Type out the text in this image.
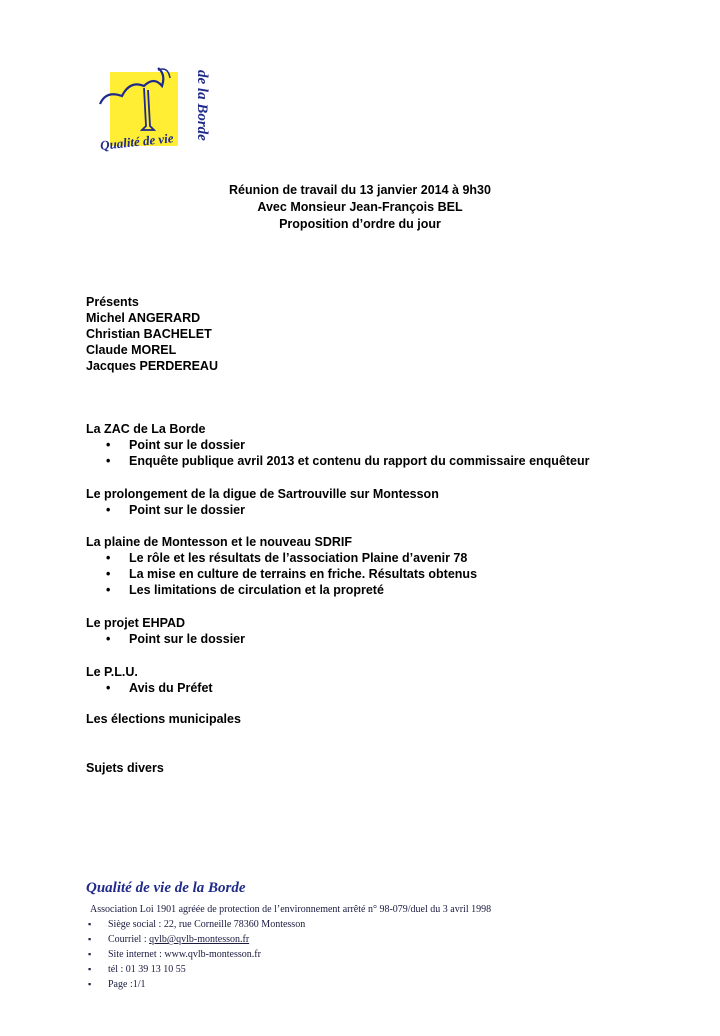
Qualité de vie
de la Borde
Réunion de travail du 13 janvier 2014 à 9h30
Avec Monsieur Jean-François BEL
Proposition d’ordre du jour
Présents
Michel ANGERARD
Christian BACHELET
Claude MOREL
Jacques PERDEREAU
La ZAC de La Borde
• Point sur le dossier
• Enquête publique avril 2013 et contenu du rapport du commissaire enquêteur
Le prolongement de la digue de Sartrouville sur Montesson
• Point sur le dossier
La plaine de Montesson et le nouveau SDRIF
• Le rôle et les résultats de l’association Plaine d’avenir 78
• La mise en culture de terrains en friche. Résultats obtenus
• Les limitations de circulation et la propreté
Le projet EHPAD
• Point sur le dossier
Le P.L.U.
• Avis du Préfet
Les élections municipales
Sujets divers
Qualité de vie de la Borde
Association Loi 1901 agréée de protection de l’environnement arrêté n° 98-079/duel du 3 avril 1998
▪ Siège social : 22, rue Corneille 78360 Montesson
▪ Courriel : qvlb@qvlb-montesson.fr
▪ Site internet : www.qvlb-montesson.fr
▪ tél : 01 39 13 10 55
▪ Page :1/1
